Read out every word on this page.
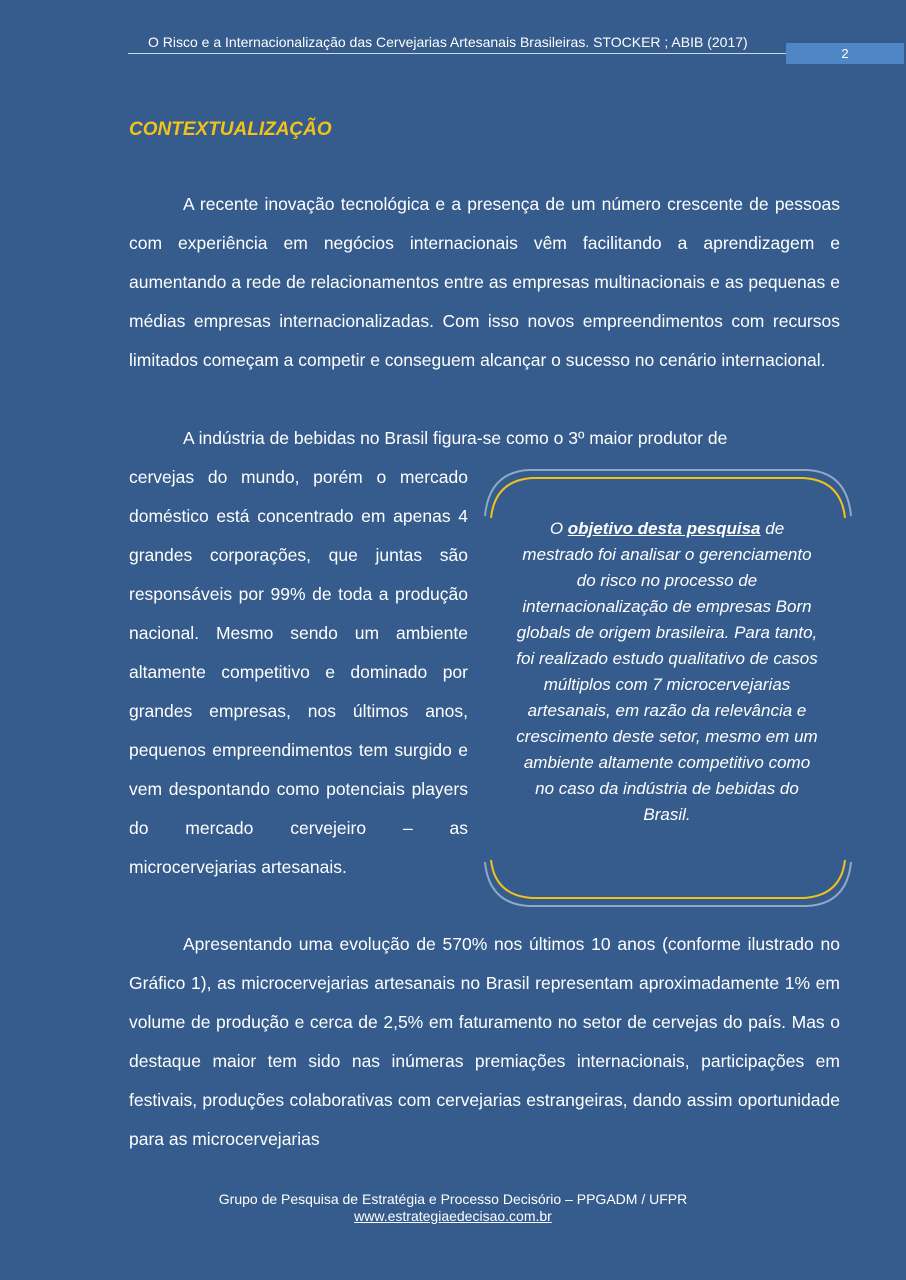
O Risco e a Internacionalização das Cervejarias Artesanais Brasileiras. STOCKER ; ABIB (2017)
2
CONTEXTUALIZAÇÃO

A recente inovação tecnológica e a presença de um número crescente de pessoas com experiência em negócios internacionais vêm facilitando a aprendizagem e aumentando a rede de relacionamentos entre as empresas multinacionais e as pequenas e médias empresas internacionalizadas. Com isso novos empreendimentos com recursos limitados começam a competir e conseguem alcançar o sucesso no cenário internacional.

A indústria de bebidas no Brasil figura-se como o 3º maior produtor de

cervejas do mundo, porém o mercado doméstico está concentrado em apenas 4 grandes corporações, que juntas são responsáveis por 99% de toda a produção nacional. Mesmo sendo um ambiente altamente competitivo e dominado por grandes empresas, nos últimos anos, pequenos empreendimentos tem surgido e vem despontando como potenciais players do mercado cervejeiro – as microcervejarias artesanais.

O objetivo desta pesquisa de mestrado foi analisar o gerenciamento do risco no processo de internacionalização de empresas Born globals de origem brasileira. Para tanto, foi realizado estudo qualitativo de casos múltiplos com 7 microcervejarias artesanais, em razão da relevância e crescimento deste setor, mesmo em um ambiente altamente competitivo como no caso da indústria de bebidas do Brasil.

Apresentando uma evolução de 570% nos últimos 10 anos (conforme ilustrado no Gráfico 1), as microcervejarias artesanais no Brasil representam aproximadamente 1% em volume de produção e cerca de 2,5% em faturamento no setor de cervejas do país. Mas o destaque maior tem sido nas inúmeras premiações internacionais, participações em festivais, produções colaborativas com cervejarias estrangeiras, dando assim oportunidade para as microcervejarias

Grupo de Pesquisa de Estratégia e Processo Decisório – PPGADM / UFPR
www.estrategiaedecisao.com.br
